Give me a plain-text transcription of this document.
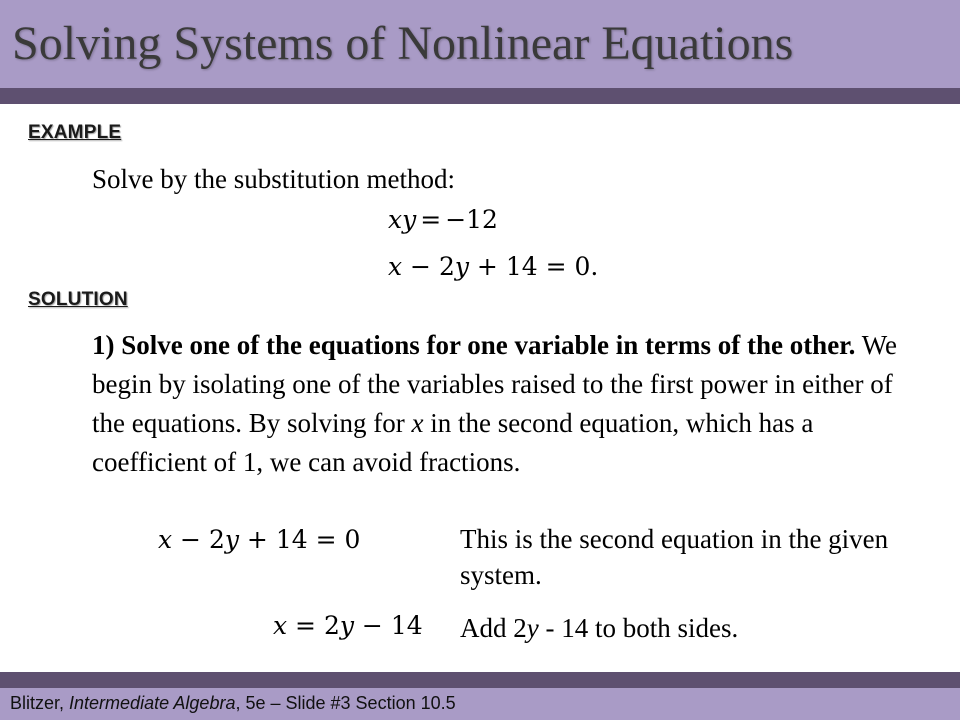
Solving Systems of Nonlinear Equations
EXAMPLE

Solve by the substitution method:

xy = −12
x − 2y + 14 = 0.
SOLUTION

1) Solve one of the equations for one variable in terms of the other. We begin by isolating one of the variables raised to the first power in either of the equations. By solving for x in the second equation, which has a coefficient of 1, we can avoid fractions.

x − 2y + 14 = 0	This is the second equation in the given system.

x = 2y − 14 Add 2y - 14 to both sides.

Blitzer, Intermediate Algebra, 5e – Slide #3 Section 10.5
